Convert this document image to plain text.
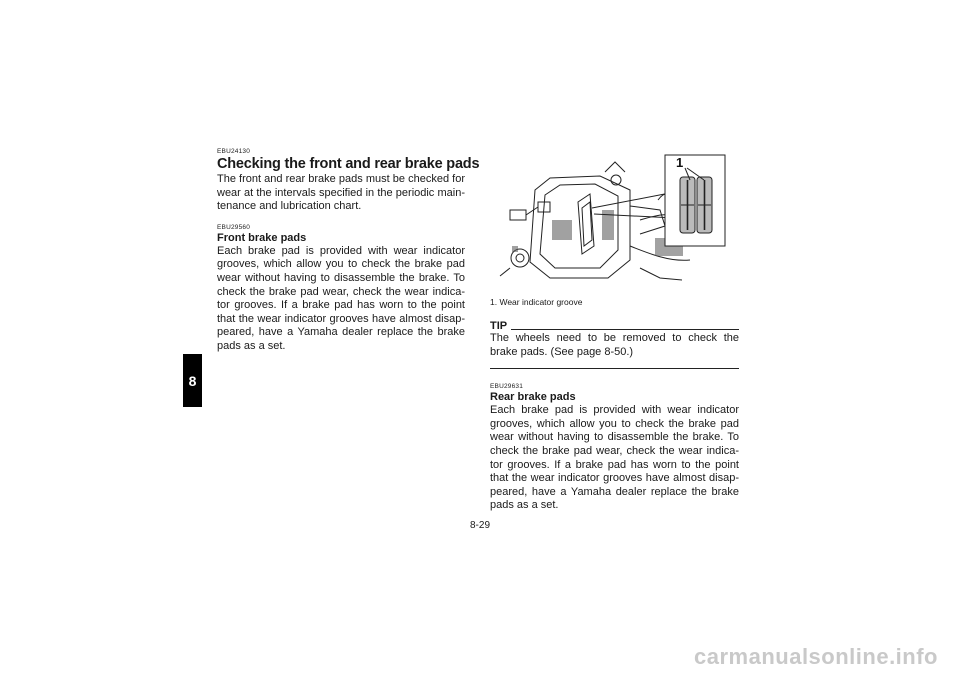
8
EBU24130
Checking the front and rear brake pads

The front and rear brake pads must be checked for wear at the intervals specified in the periodic main-tenance and lubrication chart.

EBU29560
Front brake pads

Each brake pad is provided with wear indicator grooves, which allow you to check the brake pad wear without having to disassemble the brake. To check the brake pad wear, check the wear indica-tor grooves. If a brake pad has worn to the point that the wear indicator grooves have almost disap-peared, have a Yamaha dealer replace the brake pads as a set.

1
1. Wear indicator groove
TIP

The wheels need to be removed to check the brake pads. (See page 8-50.)

EBU29631
Rear brake pads

Each brake pad is provided with wear indicator grooves, which allow you to check the brake pad wear without having to disassemble the brake. To check the brake pad wear, check the wear indica-tor grooves. If a brake pad has worn to the point that the wear indicator grooves have almost disap-peared, have a Yamaha dealer replace the brake pads as a set.

8-29
carmanualsonline.info
